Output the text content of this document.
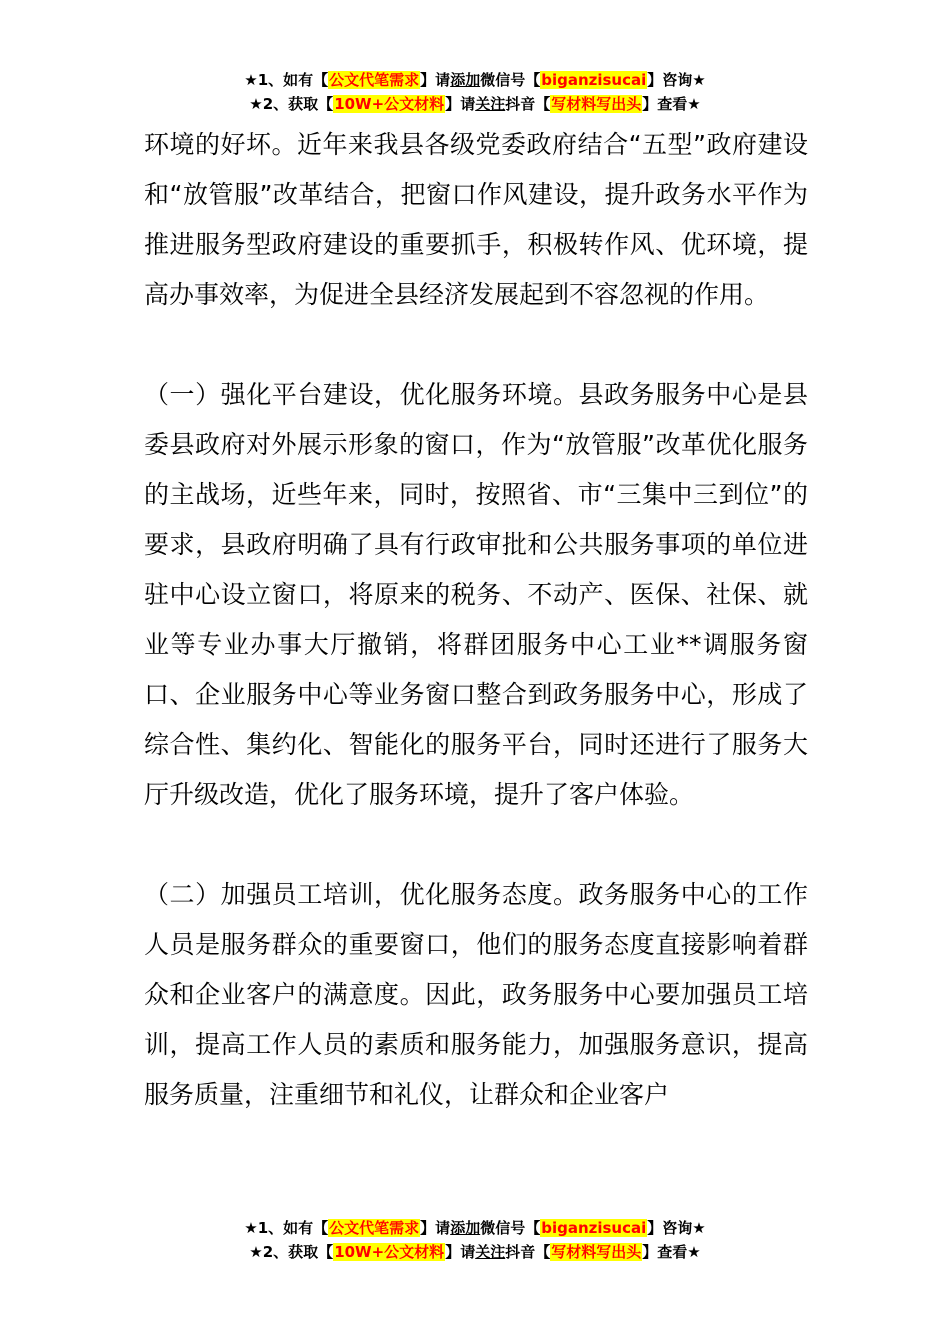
★1、如有【公文代笔需求】请添加微信号【biganzisucai】咨询★
★2、获取【10W+公文材料】请关注抖音【写材料写出头】查看★

环境的好坏。近年来我县各级党委政府结合“五型”政府建设和“放管服”改革结合，把窗口作风建设，提升政务水平作为推进服务型政府建设的重要抓手，积极转作风、优环境，提高办事效率，为促进全县经济发展起到不容忽视的作用。

（一）强化平台建设，优化服务环境。县政务服务中心是县委县政府对外展示形象的窗口，作为“放管服”改革优化服务的主战场，近些年来，同时，按照省、市“三集中三到位”的要求，县政府明确了具有行政审批和公共服务事项的单位进驻中心设立窗口，将原来的税务、不动产、医保、社保、就业等专业办事大厅撤销，将群团服务中心工业**调服务窗口、企业服务中心等业务窗口整合到政务服务中心，形成了综合性、集约化、智能化的服务平台，同时还进行了服务大厅升级改造，优化了服务环境，提升了客户体验。

（二）加强员工培训，优化服务态度。政务服务中心的工作人员是服务群众的重要窗口，他们的服务态度直接影响着群众和企业客户的满意度。因此，政务服务中心要加强员工培训，提高工作人员的素质和服务能力，加强服务意识，提高服务质量，注重细节和礼仪，让群众和企业客户

★1、如有【公文代笔需求】请添加微信号【biganzisucai】咨询★
★2、获取【10W+公文材料】请关注抖音【写材料写出头】查看★
